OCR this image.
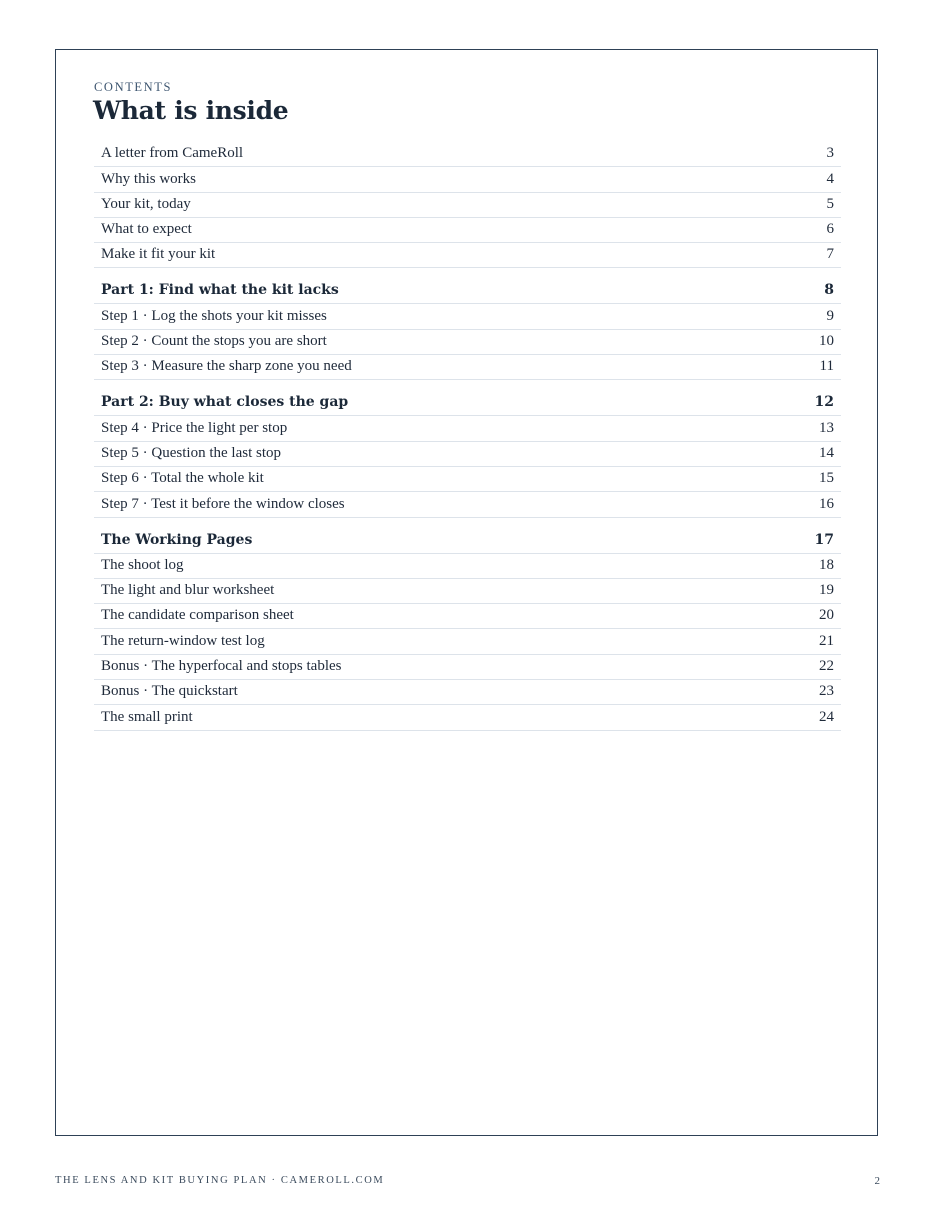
CONTENTS
What is inside
A letter from CameRoll	3
Why this works	4
Your kit, today	5
What to expect	6
Make it fit your kit	7
Part 1: Find what the kit lacks	8
Step 1 · Log the shots your kit misses	9
Step 2 · Count the stops you are short	10
Step 3 · Measure the sharp zone you need	11
Part 2: Buy what closes the gap	12
Step 4 · Price the light per stop	13
Step 5 · Question the last stop	14
Step 6 · Total the whole kit	15
Step 7 · Test it before the window closes	16
The Working Pages	17
The shoot log	18
The light and blur worksheet	19
The candidate comparison sheet	20
The return-window test log	21
Bonus · The hyperfocal and stops tables	22
Bonus · The quickstart	23
The small print	24
THE LENS AND KIT BUYING PLAN · CAMEROLL.COM	2
